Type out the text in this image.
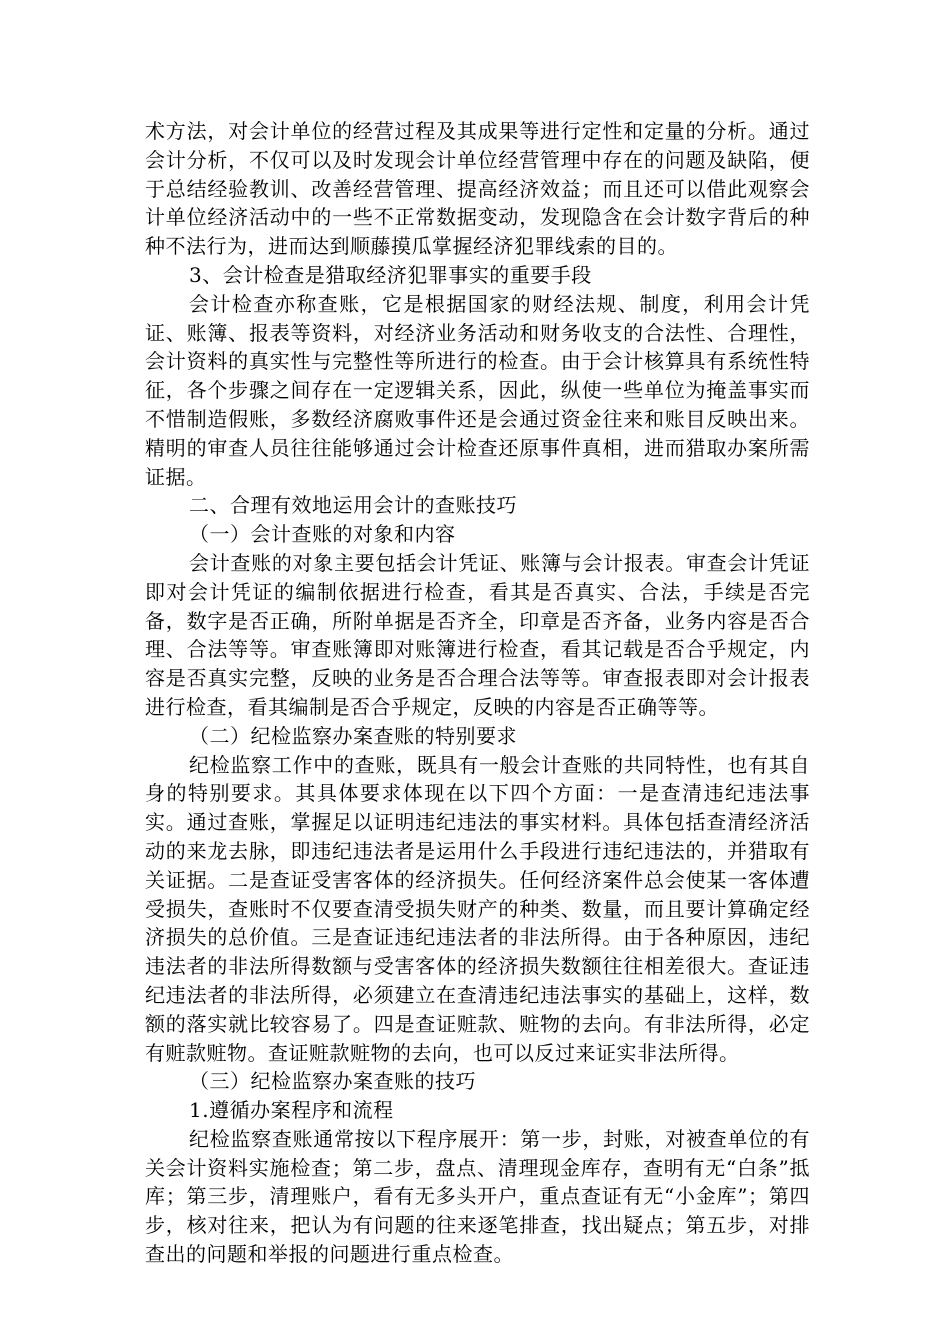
术方法，对会计单位的经营过程及其成果等进行定性和定量的分析。通过会计分析，不仅可以及时发现会计单位经营管理中存在的问题及缺陷，便于总结经验教训、改善经营管理、提高经济效益；而且还可以借此观察会计单位经济活动中的一些不正常数据变动，发现隐含在会计数字背后的种种不法行为，进而达到顺藤摸瓜掌握经济犯罪线索的目的。

3、会计检查是猎取经济犯罪事实的重要手段

会计检查亦称查账，它是根据国家的财经法规、制度，利用会计凭证、账簿、报表等资料，对经济业务活动和财务收支的合法性、合理性，会计资料的真实性与完整性等所进行的检查。由于会计核算具有系统性特征，各个步骤之间存在一定逻辑关系，因此，纵使一些单位为掩盖事实而不惜制造假账，多数经济腐败事件还是会通过资金往来和账目反映出来。精明的审查人员往往能够通过会计检查还原事件真相，进而猎取办案所需证据。

二、合理有效地运用会计的查账技巧

（一）会计查账的对象和内容

会计查账的对象主要包括会计凭证、账簿与会计报表。审查会计凭证即对会计凭证的编制依据进行检查，看其是否真实、合法，手续是否完备，数字是否正确，所附单据是否齐全，印章是否齐备，业务内容是否合理、合法等等。审查账簿即对账簿进行检查，看其记载是否合乎规定，内容是否真实完整，反映的业务是否合理合法等等。审查报表即对会计报表进行检查，看其编制是否合乎规定，反映的内容是否正确等等。

（二）纪检监察办案查账的特别要求

纪检监察工作中的查账，既具有一般会计查账的共同特性，也有其自身的特别要求。其具体要求体现在以下四个方面：一是查清违纪违法事实。通过查账，掌握足以证明违纪违法的事实材料。具体包括查清经济活动的来龙去脉，即违纪违法者是运用什么手段进行违纪违法的，并猎取有关证据。二是查证受害客体的经济损失。任何经济案件总会使某一客体遭受损失，查账时不仅要查清受损失财产的种类、数量，而且要计算确定经济损失的总价值。三是查证违纪违法者的非法所得。由于各种原因，违纪违法者的非法所得数额与受害客体的经济损失数额往往相差很大。查证违纪违法者的非法所得，必须建立在查清违纪违法事实的基础上，这样，数额的落实就比较容易了。四是查证赃款、赃物的去向。有非法所得，必定有赃款赃物。查证赃款赃物的去向，也可以反过来证实非法所得。

（三）纪检监察办案查账的技巧

1.遵循办案程序和流程

纪检监察查账通常按以下程序展开：第一步，封账，对被查单位的有关会计资料实施检查；第二步，盘点、清理现金库存，查明有无“白条”抵库；第三步，清理账户，看有无多头开户，重点查证有无“小金库”；第四步，核对往来，把认为有问题的往来逐笔排查，找出疑点；第五步，对排查出的问题和举报的问题进行重点检查。
